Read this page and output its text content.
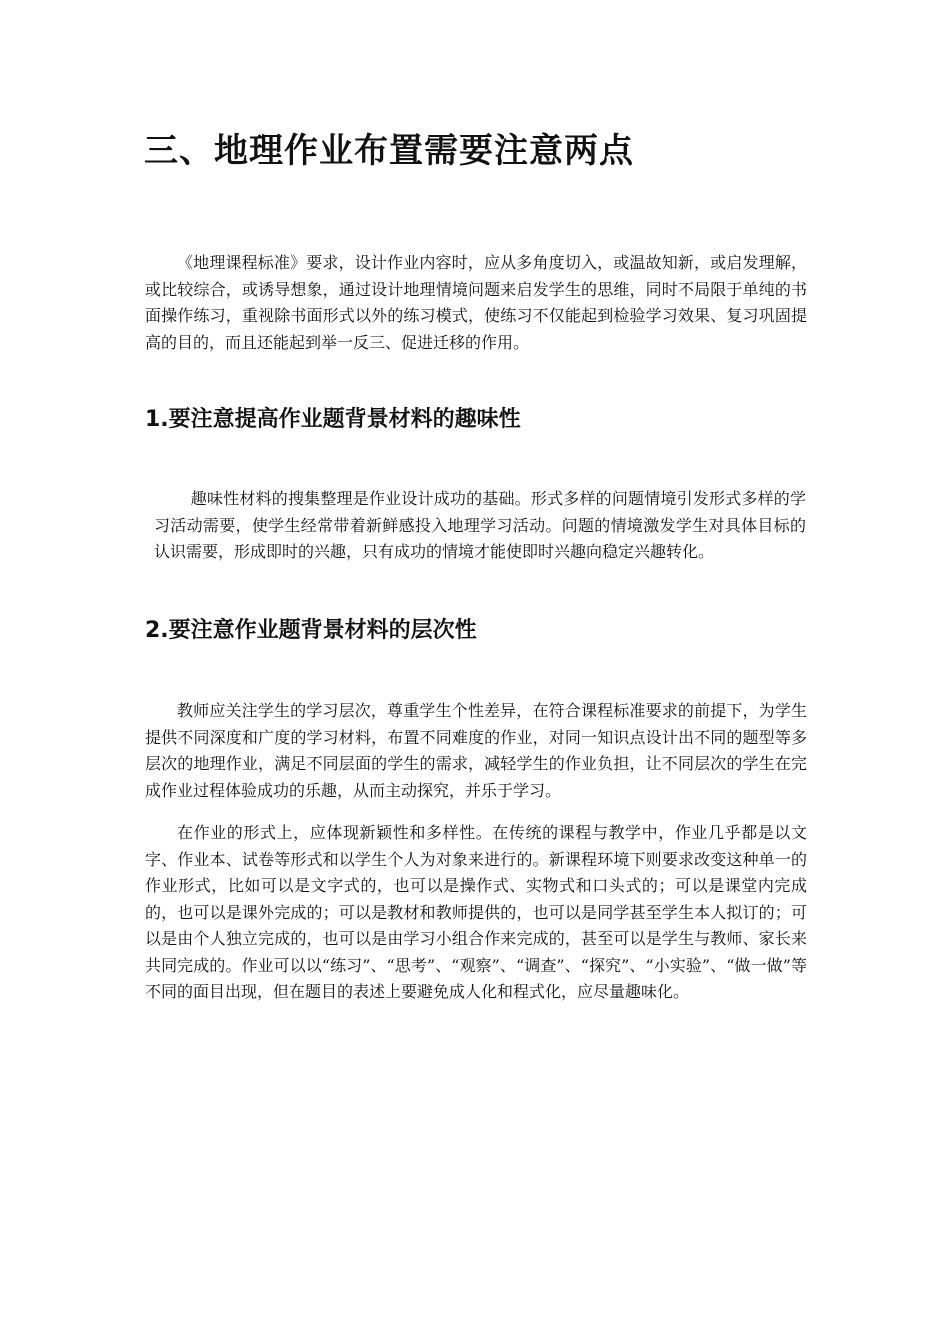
三、地理作业布置需要注意两点

《地理课程标准》要求，设计作业内容时，应从多角度切入，或温故知新，或启发理解，或比较综合，或诱导想象，通过设计地理情境问题来启发学生的思维，同时不局限于单纯的书面操作练习，重视除书面形式以外的练习模式，使练习不仅能起到检验学习效果、复习巩固提高的目的，而且还能起到举一反三、促进迁移的作用。

1.要注意提高作业题背景材料的趣味性

趣味性材料的搜集整理是作业设计成功的基础。形式多样的问题情境引发形式多样的学习活动需要，使学生经常带着新鲜感投入地理学习活动。问题的情境激发学生对具体目标的认识需要，形成即时的兴趣，只有成功的情境才能使即时兴趣向稳定兴趣转化。

2.要注意作业题背景材料的层次性

教师应关注学生的学习层次，尊重学生个性差异，在符合课程标准要求的前提下，为学生提供不同深度和广度的学习材料，布置不同难度的作业，对同一知识点设计出不同的题型等多层次的地理作业，满足不同层面的学生的需求，减轻学生的作业负担，让不同层次的学生在完成作业过程体验成功的乐趣，从而主动探究，并乐于学习。

在作业的形式上，应体现新颖性和多样性。在传统的课程与教学中，作业几乎都是以文字、作业本、试卷等形式和以学生个人为对象来进行的。新课程环境下则要求改变这种单一的作业形式，比如可以是文字式的，也可以是操作式、实物式和口头式的；可以是课堂内完成的，也可以是课外完成的；可以是教材和教师提供的，也可以是同学甚至学生本人拟订的；可以是由个人独立完成的，也可以是由学习小组合作来完成的，甚至可以是学生与教师、家长来共同完成的。作业可以以“练习”、“思考”、“观察”、“调查”、“探究”、“小实验”、“做一做”等不同的面目出现，但在题目的表述上要避免成人化和程式化，应尽量趣味化。
